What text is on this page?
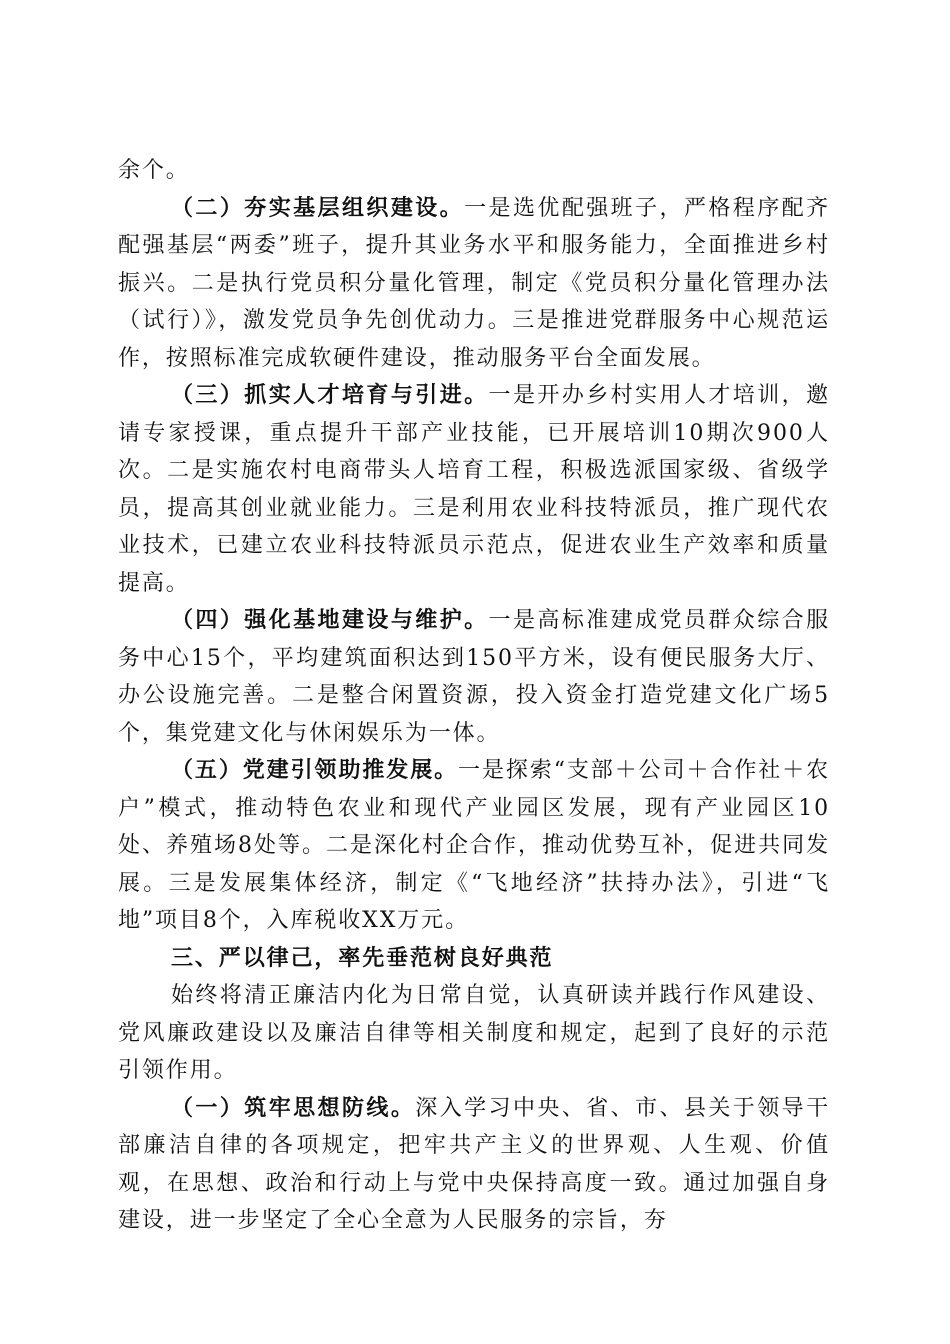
余个。

（二）夯实基层组织建设。一是选优配强班子，严格程序配齐配强基层“两委”班子，提升其业务水平和服务能力，全面推进乡村振兴。二是执行党员积分量化管理，制定《党员积分量化管理办法（试行）》，激发党员争先创优动力。三是推进党群服务中心规范运作，按照标准完成软硬件建设，推动服务平台全面发展。

（三）抓实人才培育与引进。一是开办乡村实用人才培训，邀请专家授课，重点提升干部产业技能，已开展培训10期次900人次。二是实施农村电商带头人培育工程，积极选派国家级、省级学员，提高其创业就业能力。三是利用农业科技特派员，推广现代农业技术，已建立农业科技特派员示范点，促进农业生产效率和质量提高。

（四）强化基地建设与维护。一是高标准建成党员群众综合服务中心15个，平均建筑面积达到150平方米，设有便民服务大厅、办公设施完善。二是整合闲置资源，投入资金打造党建文化广场5个，集党建文化与休闲娱乐为一体。

（五）党建引领助推发展。一是探索“支部＋公司＋合作社＋农户”模式，推动特色农业和现代产业园区发展，现有产业园区10处、养殖场8处等。二是深化村企合作，推动优势互补，促进共同发展。三是发展集体经济，制定《“飞地经济”扶持办法》，引进“飞地”项目8个，入库税收XX万元。

三、严以律己，率先垂范树良好典范

始终将清正廉洁内化为日常自觉，认真研读并践行作风建设、党风廉政建设以及廉洁自律等相关制度和规定，起到了良好的示范引领作用。

（一）筑牢思想防线。深入学习中央、省、市、县关于领导干部廉洁自律的各项规定，把牢共产主义的世界观、人生观、价值观，在思想、政治和行动上与党中央保持高度一致。通过加强自身建设，进一步坚定了全心全意为人民服务的宗旨，夯
